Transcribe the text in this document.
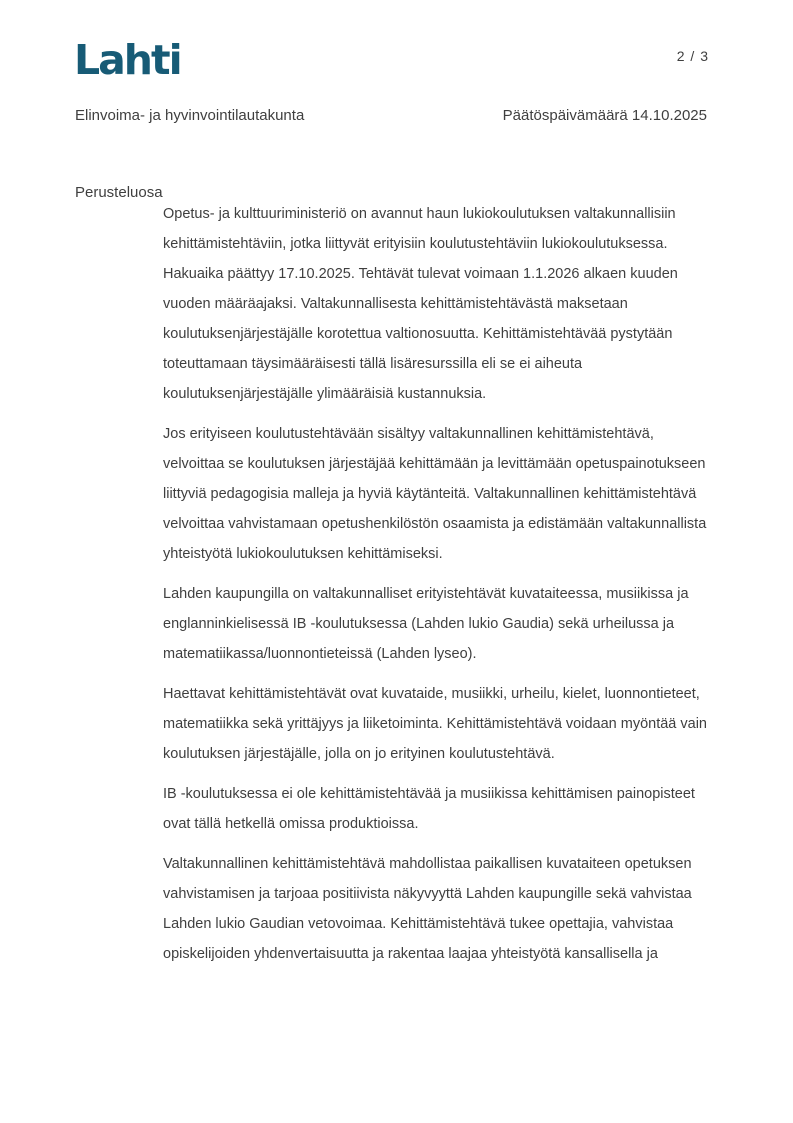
Lahti	2 / 3
Elinvoima- ja hyvinvointilautakunta	Päätöspäivämäärä 14.10.2025
Perusteluosa

Opetus- ja kulttuuriministeriö on avannut haun lukiokoulutuksen valtakunnallisiin kehittämistehtäviin, jotka liittyvät erityisiin koulutustehtäviin lukiokoulutuksessa. Hakuaika päättyy 17.10.2025. Tehtävät tulevat voimaan 1.1.2026 alkaen kuuden vuoden määräajaksi. Valtakunnallisesta kehittämistehtävästä maksetaan koulutuksenjärjestäjälle korotettua valtionosuutta. Kehittämistehtävää pystytään toteuttamaan täysimääräisesti tällä lisäresurssilla eli se ei aiheuta koulutuksenjärjestäjälle ylimääräisiä kustannuksia.

Jos erityiseen koulutustehtävään sisältyy valtakunnallinen kehittämistehtävä, velvoittaa se koulutuksen järjestäjää kehittämään ja levittämään opetuspainotukseen liittyviä pedagogisia malleja ja hyviä käytänteitä. Valtakunnallinen kehittämistehtävä velvoittaa vahvistamaan opetushenkilöstön osaamista ja edistämään valtakunnallista yhteistyötä lukiokoulutuksen kehittämiseksi.

Lahden kaupungilla on valtakunnalliset erityistehtävät kuvataiteessa, musiikissa ja englanninkielisessä IB -koulutuksessa (Lahden lukio Gaudia) sekä urheilussa ja matematiikassa/luonnontieteissä (Lahden lyseo).

Haettavat kehittämistehtävät ovat kuvataide, musiikki, urheilu, kielet, luonnontieteet, matematiikka sekä yrittäjyys ja liiketoiminta. Kehittämistehtävä voidaan myöntää vain koulutuksen järjestäjälle, jolla on jo erityinen koulutustehtävä.

IB -koulutuksessa ei ole kehittämistehtävää ja musiikissa kehittämisen painopisteet ovat tällä hetkellä omissa produktioissa.

Valtakunnallinen kehittämistehtävä mahdollistaa paikallisen kuvataiteen opetuksen vahvistamisen ja tarjoaa positiivista näkyvyyttä Lahden kaupungille sekä vahvistaa Lahden lukio Gaudian vetovoimaa. Kehittämistehtävä tukee opettajia, vahvistaa opiskelijoiden yhdenvertaisuutta ja rakentaa laajaa yhteistyötä kansallisella ja
